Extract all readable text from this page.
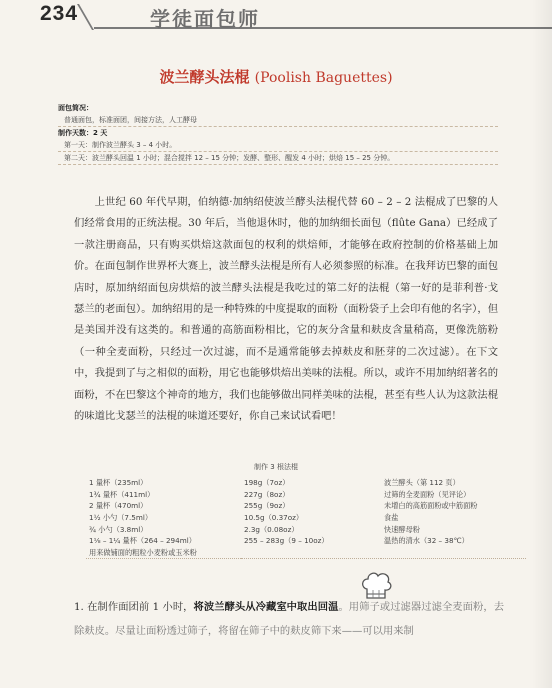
234	学徒面包师
波兰酵头法棍 (Poolish Baguettes)
面包简况：
普通面包，标准面团，间接方法，人工酵母
制作天数：2 天
第一天：制作波兰酵头 3 – 4 小时。
第二天：波兰酵头回温 1 小时；混合搅拌 12 – 15 分钟；发酵、整形、醒发 4 小时；烘焙 15 – 25 分钟。
上世纪 60 年代早期，伯纳德·加纳绍使波兰酵头法棍代替 60 – 2 – 2 法棍成了巴黎的人们经常食用的正统法棍。30 年后，当他退休时，他的加纳细长面包（flûte Gana）已经成了一款注册商品，只有购买烘焙这款面包的权利的烘焙师，才能够在政府控制的价格基础上加价。在面包制作世界杯大赛上，波兰酵头法棍是所有人必须参照的标准。在我拜访巴黎的面包店时，原加纳绍面包房烘焙的波兰酵头法棍是我吃过的第二好的法棍（第一好的是菲利普·戈瑟兰的老面包）。加纳绍用的是一种特殊的中度提取的面粉（面粉袋子上会印有他的名字），但是美国并没有这类的。和普通的高筋面粉相比，它的灰分含量和麸皮含量稍高，更像洗筋粉（一种全麦面粉，只经过一次过滤，而不是通常能够去掉麸皮和胚芽的二次过滤）。在下文中，我提到了与之相似的面粉，用它也能够烘焙出美味的法棍。所以，或许不用加纳绍著名的面粉，不在巴黎这个神奇的地方，我们也能够做出同样美味的法棍，甚至有些人认为这款法棍的味道比戈瑟兰的法棍的味道还要好，你自己来试试看吧！
制作 3 根法棍
1 量杯（235ml）	198g（7oz）	波兰酵头（第 112 页）
1¾ 量杯（411ml）	227g（8oz）	过筛的全麦面粉（见评论）
2 量杯（470ml）	255g（9oz）	未增白的高筋面粉或中筋面粉
1½ 小勺（7.5ml）	10.5g（0.37oz）	食盐
¾ 小勺（3.8ml）	2.3g（0.08oz）	快速酵母粉
1⅛ – 1¼ 量杯（264 – 294ml）	255 – 283g（9 – 10oz）	温热的清水（32 – 38℃）
用来做铺面的粗粒小麦粉或玉米粉		
1. 在制作面团前 1 小时，将波兰酵头从冷藏室中取出回温。用筛子或过滤器过滤全麦面粉，去除麸皮。尽量让面粉透过筛子，将留在筛子中的麸皮筛下来——可以用来制
